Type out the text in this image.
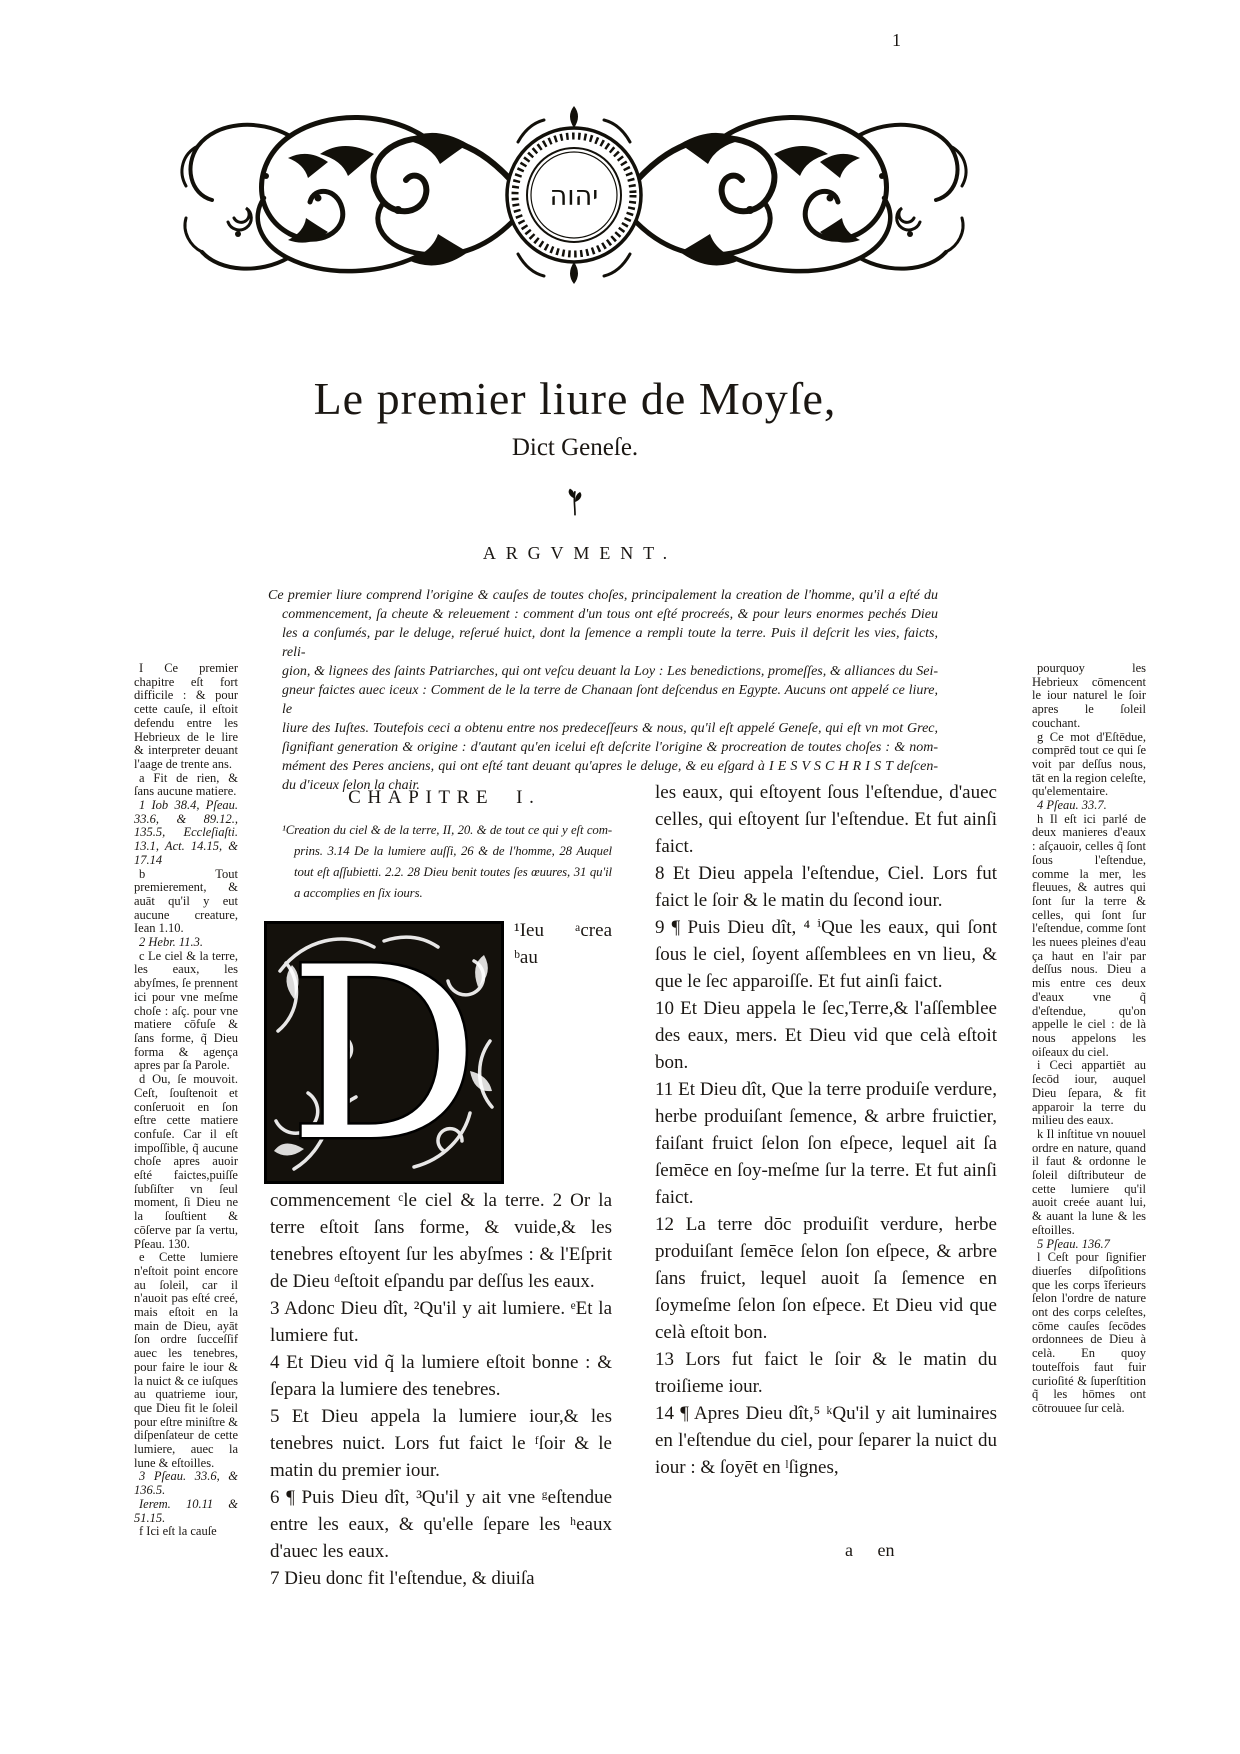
1
יהוה
Le premier liure de Moyſe,
Dict Geneſe.
ARGVMENT.
Ce premier liure comprend l'origine & cauſes de toutes choſes, principalement la creation de l'homme, qu'il a eſté du
commencement, ſa cheute & releuement : comment d'un tous ont eſté procreés, & pour leurs enormes pechés Dieu
les a conſumés, par le deluge, reſerué huict, dont la ſemence a rempli toute la terre. Puis il deſcrit les vies, faicts, reli-
gion, & lignees des ſaints Patriarches, qui ont veſcu deuant la Loy : Les benedictions, promeſſes, & alliances du Sei-
gneur faictes auec iceux : Comment de le la terre de Chanaan ſont deſcendus en Egypte. Aucuns ont appelé ce liure, le
liure des Iuſtes. Toutefois ceci a obtenu entre nos predeceſſeurs & nous, qu'il eſt appelé Geneſe, qui eſt vn mot Grec,
ſignifiant generation & origine : d'autant qu'en icelui eſt deſcrite l'origine & procreation de toutes choſes : & nom-
mément des Peres anciens, qui ont eſté tant deuant qu'apres le deluge, & eu eſgard à I E S V S C H R I S T deſcen-
du d'iceux ſelon la chair.

I Ce premier chapitre eſt fort difficile : & pour cette cauſe, il eſtoit defendu entre les Hebrieux de le lire & interpreter deuant l'aage de trente ans.

a Fit de rien, & ſans aucune matiere.

1 Iob 38.4, Pſeau. 33.6, & 89.12., 135.5, Eccleſiaſti. 13.1, Act. 14.15, & 17.14

b Tout premierement, & auāt qu'il y eut aucune creature, Iean 1.10.

2 Hebr. 11.3.

c Le ciel & la terre, les eaux, les abyſmes, ſe prennent ici pour vne meſme choſe : aſç. pour vne matiere cōfuſe & ſans forme, q̃ Dieu forma & agença apres par ſa Parole.

d Ou, ſe mouvoit. Ceſt, ſouſtenoit et conſeruoit en ſon eſtre cette matiere confuſe. Car il eſt impoſſible, q̃ aucune choſe apres auoir eſté faictes,puiſſe ſubſiſter vn ſeul moment, ſi Dieu ne la ſouſtient & cōſerve par ſa vertu, Pſeau. 130.

e Cette lumiere n'eſtoit point encore au ſoleil, car il n'auoit pas eſté creé, mais eſtoit en la main de Dieu, ayāt ſon ordre ſucceſſif auec les tenebres, pour faire le iour & la nuict & ce iuſques au quatrieme iour, que Dieu fit le ſoleil pour eſtre miniſtre & diſpenſateur de cette lumiere, auec la lune & eſtoilles.

3 Pſeau. 33.6, & 136.5.

Ierem. 10.11 & 51.15.

f Ici eſt la cauſe

CHAPITRE I.
¹Creation du ciel & de la terre, II, 20. & de tout ce qui y eſt com-
prins. 3.14 De la lumiere auſſi, 26 & de l'homme, 28 Auquel
tout eſt aſſubietti. 2.2. 28 Dieu benit toutes ſes œuures, 31 qu'il
a accomplies en ſix iours.
D ¹Ieu ᵃcrea ᵇau commencement ᶜle ciel & la terre. 2 Or la terre eſtoit ſans forme, & vuide,& les tenebres eſtoyent ſur les abyſmes : & l'Eſprit de Dieu ᵈeſtoit eſpandu par deſſus les eaux.

3 Adonc Dieu dît, ²Qu'il y ait lumiere. ᵉEt la lumiere fut.

4 Et Dieu vid q̃ la lumiere eſtoit bonne : & ſepara la lumiere des tenebres.

5 Et Dieu appela la lumiere iour,& les tenebres nuict. Lors fut faict le ᶠſoir & le matin du premier iour.

6 ¶ Puis Dieu dît, ³Qu'il y ait vne ᵍeſtendue entre les eaux, & qu'elle ſepare les ʰeaux d'auec les eaux.

7 Dieu donc fit l'eſtendue, & diuiſa

les eaux, qui eſtoyent ſous l'eſtendue, d'auec celles, qui eſtoyent ſur l'eſtendue. Et fut ainſi faict.

8 Et Dieu appela l'eſtendue, Ciel. Lors fut faict le ſoir & le matin du ſecond iour.

9 ¶ Puis Dieu dît, ⁴ ⁱQue les eaux, qui ſont ſous le ciel, ſoyent aſſemblees en vn lieu, & que le ſec apparoiſſe. Et fut ainſi faict.

10 Et Dieu appela le ſec,Terre,& l'aſſemblee des eaux, mers. Et Dieu vid que celà eſtoit bon.

11 Et Dieu dît, Que la terre produiſe verdure, herbe produiſant ſemence, & arbre fruictier, faiſant fruict ſelon ſon eſpece, lequel ait ſa ſemēce en ſoy-meſme ſur la terre. Et fut ainſi faict.

12 La terre dōc produiſit verdure, herbe produiſant ſemēce ſelon ſon eſpece, & arbre ſans fruict, lequel auoit ſa ſemence en ſoymeſme ſelon ſon eſpece. Et Dieu vid que celà eſtoit bon.

13 Lors fut faict le ſoir & le matin du troiſieme iour.

14 ¶ Apres Dieu dît,⁵ ᵏQu'il y ait luminaires en l'eſtendue du ciel, pour ſeparer la nuict du iour : & ſoyēt en ˡſignes,

pourquoy les Hebrieux cōmencent le iour naturel le ſoir apres le ſoleil couchant.

g Ce mot d'Eſtēdue, comprēd tout ce qui ſe voit par deſſus nous, tāt en la region celeſte, qu'elementaire.

4 Pſeau. 33.7.

h Il eſt ici parlé de deux manieres d'eaux : aſçauoir, celles q̃ ſont ſous l'eſtendue, comme la mer, les fleuues, & autres qui ſont ſur la terre & celles, qui ſont ſur l'eſtendue, comme ſont les nuees pleines d'eau ça haut en l'air par deſſus nous. Dieu a mis entre ces deux d'eaux vne q̃ d'eſtendue, qu'on appelle le ciel : de là nous appelons les oiſeaux du ciel.

i Ceci appartiēt au ſecōd iour, auquel Dieu ſepara, & fit apparoir la terre du milieu des eaux.

k Il inſtitue vn nouuel ordre en nature, quand il faut & ordonne le ſoleil diſtributeur de cette lumiere qu'il auoit creée auant lui, & auant la lune & les eſtoilles.

5 Pſeau. 136.7

l Ceſt pour ſignifier diuerſes diſpoſitions que les corps ĩferieurs ſelon l'ordre de nature ont des corps celeſtes, cōme cauſes ſecōdes ordonnees de Dieu à celà. En quoy touteſfois faut fuir curioſité & ſuperſtition q̃ les hōmes ont cōtrouuee ſur celà.

a en
